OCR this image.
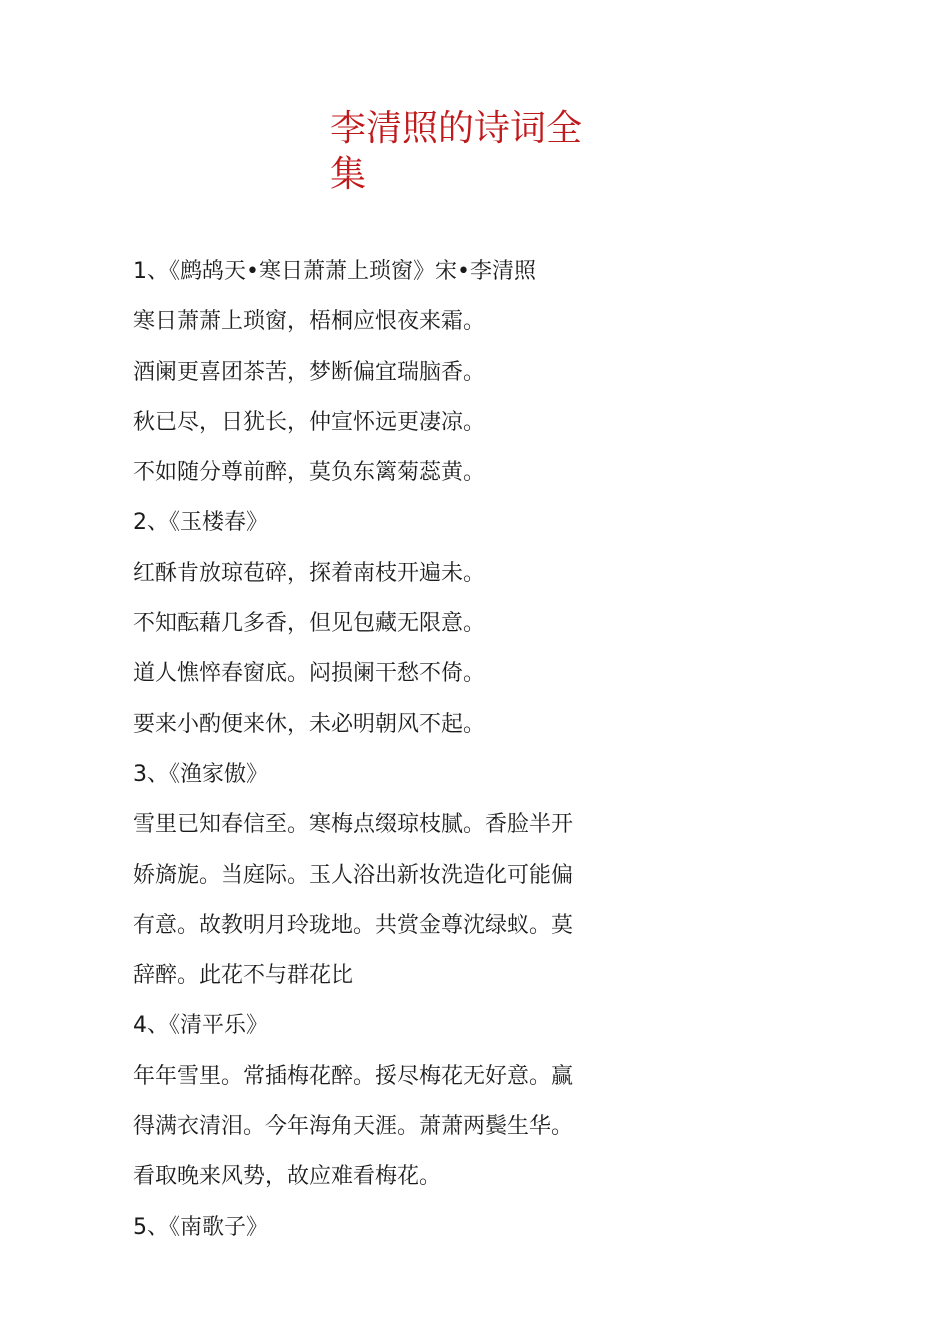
李清照的诗词全集
1、《鹧鸪天•寒日萧萧上琐窗》宋•李清照
寒日萧萧上琐窗，梧桐应恨夜来霜。
酒阑更喜团茶苦，梦断偏宜瑞脑香。
秋已尽，日犹长，仲宣怀远更凄凉。
不如随分尊前醉，莫负东篱菊蕊黄。
2、《玉楼春》
红酥肯放琼苞碎，探着南枝开遍未。
不知酝藉几多香，但见包藏无限意。
道人憔悴春窗底。闷损阑干愁不倚。
要来小酌便来休，未必明朝风不起。
3、《渔家傲》
雪里已知春信至。寒梅点缀琼枝腻。香脸半开
娇旖旎。当庭际。玉人浴出新妆洗造化可能偏
有意。故教明月玲珑地。共赏金尊沈绿蚁。莫
辞醉。此花不与群花比
4、《清平乐》
年年雪里。常插梅花醉。挼尽梅花无好意。赢
得满衣清泪。今年海角天涯。萧萧两鬓生华。
看取晚来风势，故应难看梅花。
5、《南歌子》
